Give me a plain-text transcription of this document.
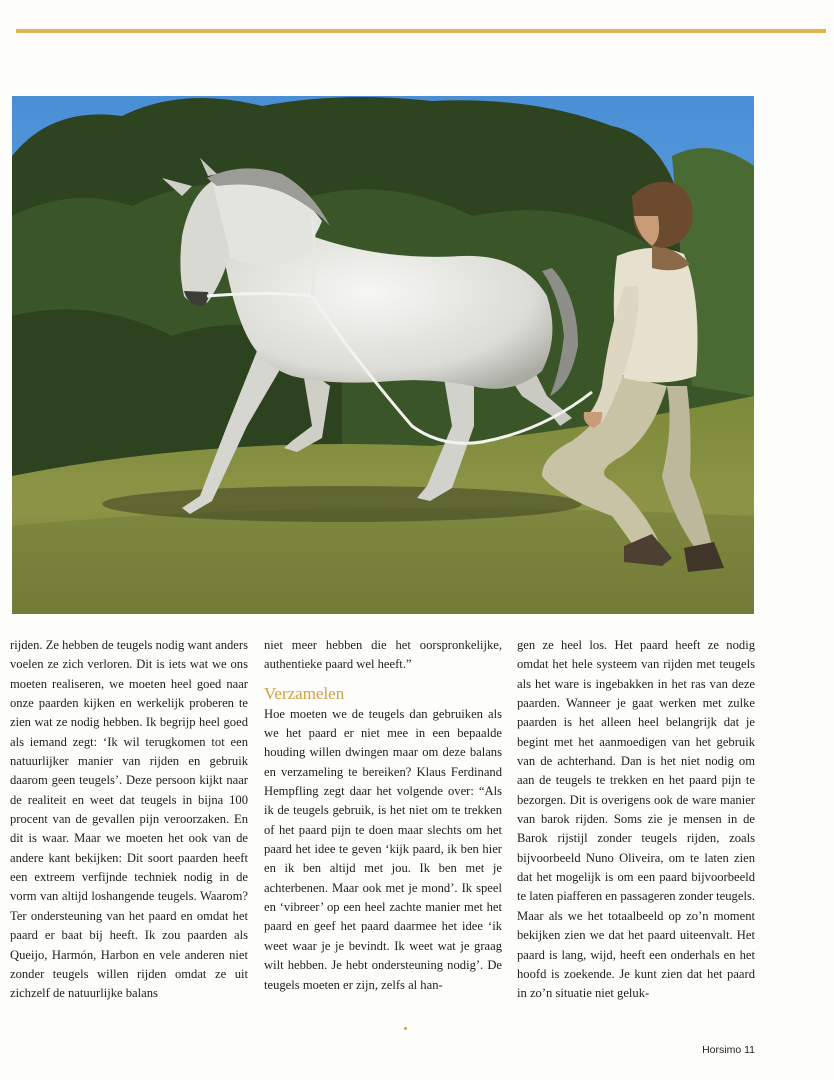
rijden. Ze hebben de teugels nodig want anders voelen ze zich verloren. Dit is iets wat we ons moeten realiseren, we moeten heel goed naar onze paarden kijken en werkelijk proberen te zien wat ze nodig hebben. Ik begrijp heel goed als iemand zegt: ‘Ik wil terugkomen tot een natuurlijker manier van rijden en gebruik daarom geen teugels’. Deze persoon kijkt naar de realiteit en weet dat teugels in bijna 100 procent van de gevallen pijn veroorzaken. En dit is waar. Maar we moeten het ook van de andere kant bekijken: Dit soort paarden heeft een extreem verfijnde techniek nodig in de vorm van altijd loshangende teugels. Waarom? Ter ondersteuning van het paard en omdat het paard er baat bij heeft. Ik zou paarden als Queijo, Harmón, Harbon en vele anderen niet zonder teugels willen rijden omdat ze uit zichzelf de natuurlijke balans

niet meer hebben die het oorspronkelijke, authentieke paard wel heeft.”

Verzamelen

Hoe moeten we de teugels dan gebruiken als we het paard er niet mee in een bepaalde houding willen dwingen maar om deze balans en verzameling te bereiken? Klaus Ferdinand Hempfling zegt daar het volgende over: “Als ik de teugels gebruik, is het niet om te trekken of het paard pijn te doen maar slechts om het paard het idee te geven ‘kijk paard, ik ben hier en ik ben altijd met jou. Ik ben met je achterbenen. Maar ook met je mond’. Ik speel en ‘vibreer’ op een heel zachte manier met het paard en geef het paard daarmee het idee ‘ik weet waar je je bevindt. Ik weet wat je graag wilt hebben. Je hebt ondersteuning nodig’. De teugels moeten er zijn, zelfs al han-

gen ze heel los. Het paard heeft ze nodig omdat het hele systeem van rijden met teugels als het ware is ingebakken in het ras van deze paarden. Wanneer je gaat werken met zulke paarden is het alleen heel belangrijk dat je begint met het aanmoedigen van het gebruik van de achterhand. Dan is het niet nodig om aan de teugels te trekken en het paard pijn te bezorgen. Dit is overigens ook de ware manier van barok rijden. Soms zie je mensen in de Barok rijstijl zonder teugels rijden, zoals bijvoorbeeld Nuno Oliveira, om te laten zien dat het mogelijk is om een paard bijvoorbeeld te laten piafferen en passageren zonder teugels. Maar als we het totaalbeeld op zo’n moment bekijken zien we dat het paard uiteenvalt. Het paard is lang, wijd, heeft een onderhals en het hoofd is zoekende. Je kunt zien dat het paard in zo’n situatie niet geluk-

Horsimo 11
